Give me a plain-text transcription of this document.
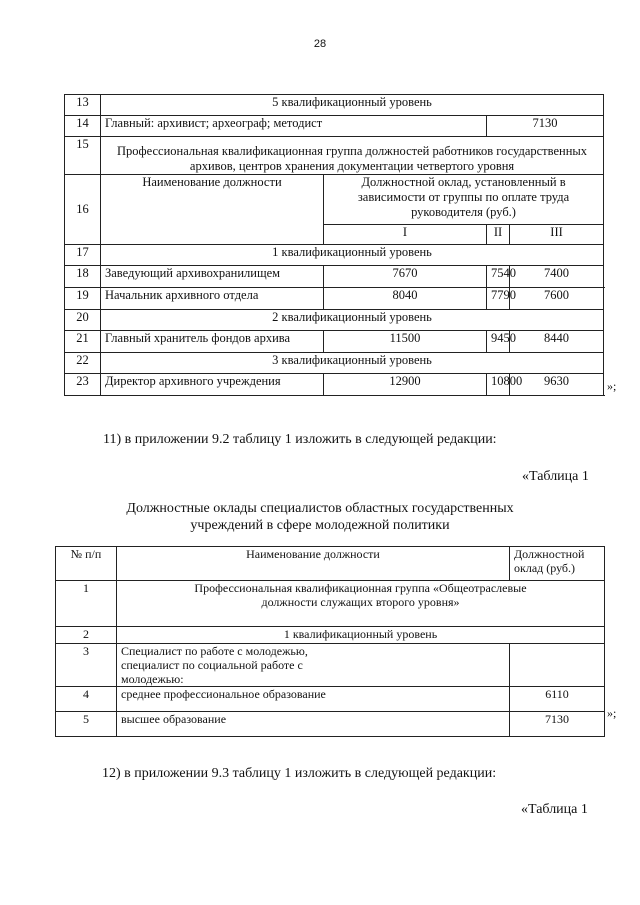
28
13	5 квалификационный уровень			
14	Главный: архивист; археограф; методист		7130	
15	Профессиональная квалификационная группа должностей работников государственных архивов, центров хранения документации четвертого уровня			
16	Наименование должности	Должностной оклад, установленный в зависимости от группы по оплате труда руководителя (руб.)		
		I	II	III
17	1 квалификационный уровень			
18	Заведующий архивохранилищем	7670	7540	7400
19	Начальник архивного отдела	8040	7790	7600
20	2 квалификационный уровень			
21	Главный хранитель фондов архива	11500	9450	8440
22	3 квалификационный уровень			
23	Директор архивного учреждения	12900	10800	9630	»;
11) в приложении 9.2 таблицу 1 изложить в следующей редакции:
«Таблица 1
Должностные оклады специалистов областных государственных учреждений в сфере молодежной политики
№ п/п	Наименование должности	Должностной оклад (руб.)
1	Профессиональная квалификационная группа «Общеотраслевые должности служащих второго уровня»	
2	1 квалификационный уровень	
3	Специалист по работе с молодежью, специалист по социальной работе с молодежью:	
4	среднее профессиональное образование	6110
5	высшее образование	7130	»;
12) в приложении 9.3 таблицу 1 изложить в следующей редакции:
«Таблица 1
